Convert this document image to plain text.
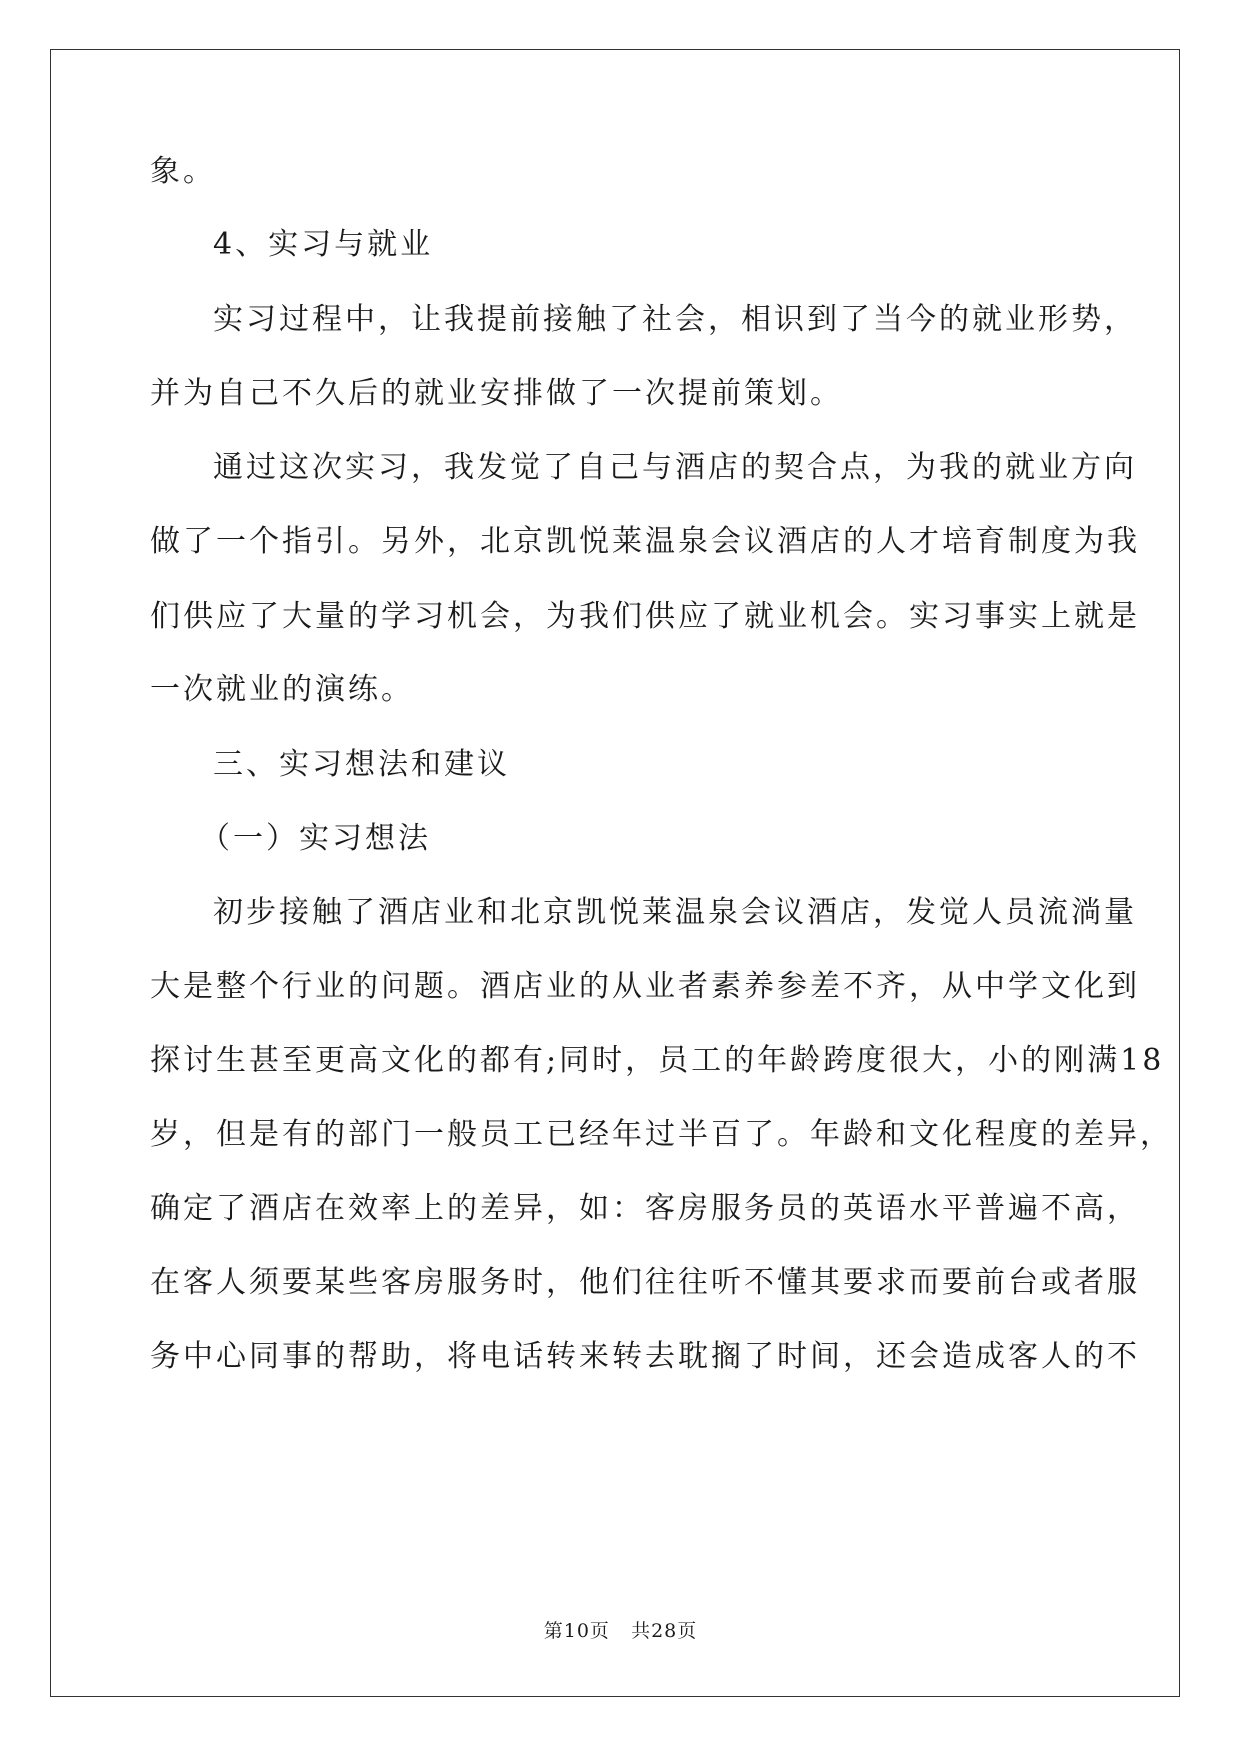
象。

4、实习与就业

实习过程中，让我提前接触了社会，相识到了当今的就业形势，

并为自己不久后的就业安排做了一次提前策划。

通过这次实习，我发觉了自己与酒店的契合点，为我的就业方向

做了一个指引。另外，北京凯悦莱温泉会议酒店的人才培育制度为我

们供应了大量的学习机会，为我们供应了就业机会。实习事实上就是

一次就业的演练。

三、实习想法和建议

（一）实习想法

初步接触了酒店业和北京凯悦莱温泉会议酒店，发觉人员流淌量

大是整个行业的问题。酒店业的从业者素养参差不齐，从中学文化到

探讨生甚至更高文化的都有;同时，员工的年龄跨度很大，小的刚满18

岁，但是有的部门一般员工已经年过半百了。年龄和文化程度的差异，

确定了酒店在效率上的差异，如：客房服务员的英语水平普遍不高，

在客人须要某些客房服务时，他们往往听不懂其要求而要前台或者服

务中心同事的帮助，将电话转来转去耽搁了时间，还会造成客人的不

第10页 共28页
